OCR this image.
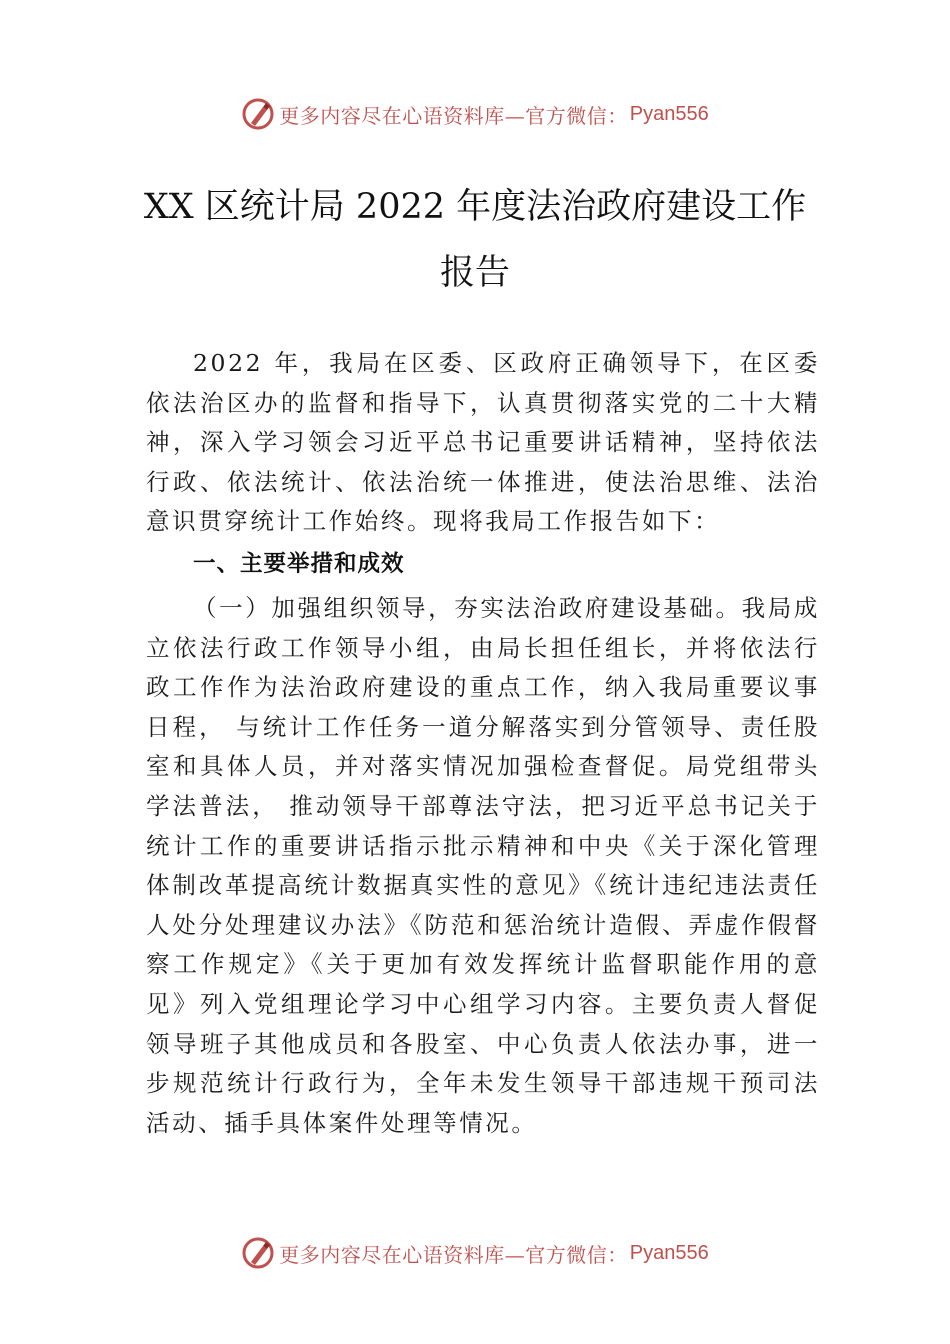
更多内容尽在心语资料库—官方微信： Pyan556
XX 区统计局 2022 年度法治政府建设工作
报告
2022 年，我局在区委、区政府正确领导下，在区委依法治区办的监督和指导下，认真贯彻落实党的二十大精神，深入学习领会习近平总书记重要讲话精神，坚持依法行政、依法统计、依法治统一体推进，使法治思维、法治意识贯穿统计工作始终。现将我局工作报告如下：
一、主要举措和成效
（一）加强组织领导，夯实法治政府建设基础。我局成立依法行政工作领导小组，由局长担任组长，并将依法行政工作作为法治政府建设的重点工作，纳入我局重要议事日程， 与统计工作任务一道分解落实到分管领导、责任股室和具体人员，并对落实情况加强检查督促。局党组带头学法普法， 推动领导干部尊法守法，把习近平总书记关于统计工作的重要讲话指示批示精神和中央《关于深化管理体制改革提高统计数据真实性的意见》《统计违纪违法责任人处分处理建议办法》《防范和惩治统计造假、弄虚作假督察工作规定》《关于更加有效发挥统计监督职能作用的意见》列入党组理论学习中心组学习内容。主要负责人督促领导班子其他成员和各股室、中心负责人依法办事，进一步规范统计行政行为，全年未发生领导干部违规干预司法活动、插手具体案件处理等情况。
更多内容尽在心语资料库—官方微信： Pyan556
